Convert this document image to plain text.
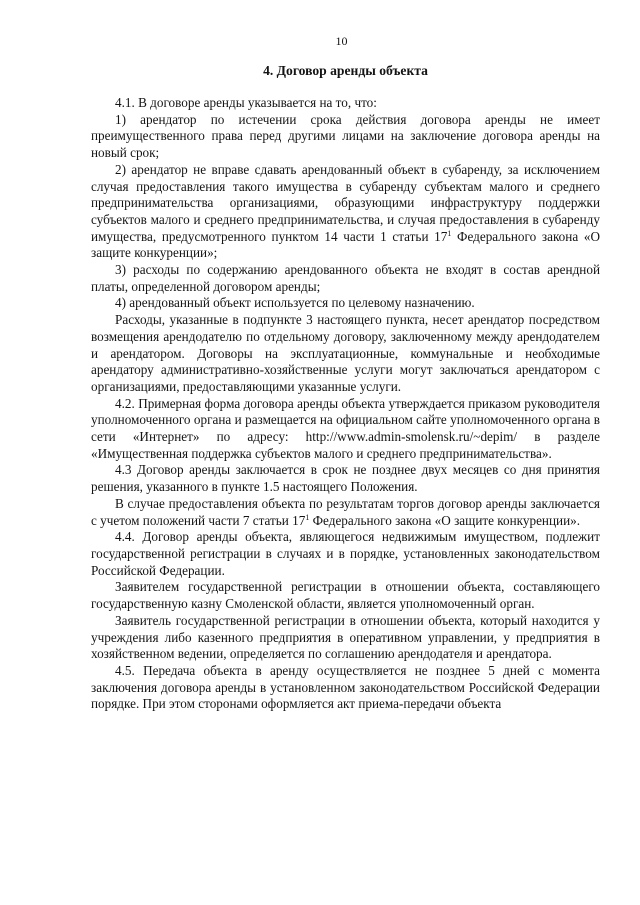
10
4. Договор аренды объекта

4.1. В договоре аренды указывается на то, что:

1) арендатор по истечении срока действия договора аренды не имеет преимущественного права перед другими лицами на заключение договора аренды на новый срок;

2) арендатор не вправе сдавать арендованный объект в субаренду, за исключением случая предоставления такого имущества в субаренду субъектам малого и среднего предпринимательства организациями, образующими инфраструктуру поддержки субъектов малого и среднего предпринимательства, и случая предоставления в субаренду имущества, предусмотренного пунктом 14 части 1 статьи $17^1$ Федерального закона «О защите конкуренции»;

3) расходы по содержанию арендованного объекта не входят в состав арендной платы, определенной договором аренды;

4) арендованный объект используется по целевому назначению.

Расходы, указанные в подпункте 3 настоящего пункта, несет арендатор посредством возмещения арендодателю по отдельному договору, заключенному между арендодателем и арендатором. Договоры на эксплуатационные, коммунальные и необходимые арендатору административно-хозяйственные услуги могут заключаться арендатором с организациями, предоставляющими указанные услуги.

4.2. Примерная форма договора аренды объекта утверждается приказом руководителя уполномоченного органа и размещается на официальном сайте уполномоченного органа в сети «Интернет» по адресу: http://www.admin-smolensk.ru/~depim/ в разделе «Имущественная поддержка субъектов малого и среднего предпринимательства».

4.3 Договор аренды заключается в срок не позднее двух месяцев со дня принятия решения, указанного в пункте 1.5 настоящего Положения.

В случае предоставления объекта по результатам торгов договор аренды заключается с учетом положений части 7 статьи $17^1$ Федерального закона «О защите конкуренции».

4.4. Договор аренды объекта, являющегося недвижимым имуществом, подлежит государственной регистрации в случаях и в порядке, установленных законодательством Российской Федерации.

Заявителем государственной регистрации в отношении объекта, составляющего государственную казну Смоленской области, является уполномоченный орган.

Заявитель государственной регистрации в отношении объекта, который находится у учреждения либо казенного предприятия в оперативном управлении, у предприятия в хозяйственном ведении, определяется по соглашению арендодателя и арендатора.

4.5. Передача объекта в аренду осуществляется не позднее 5 дней с момента заключения договора аренды в установленном законодательством Российской Федерации порядке. При этом сторонами оформляется акт приема-передачи объекта
